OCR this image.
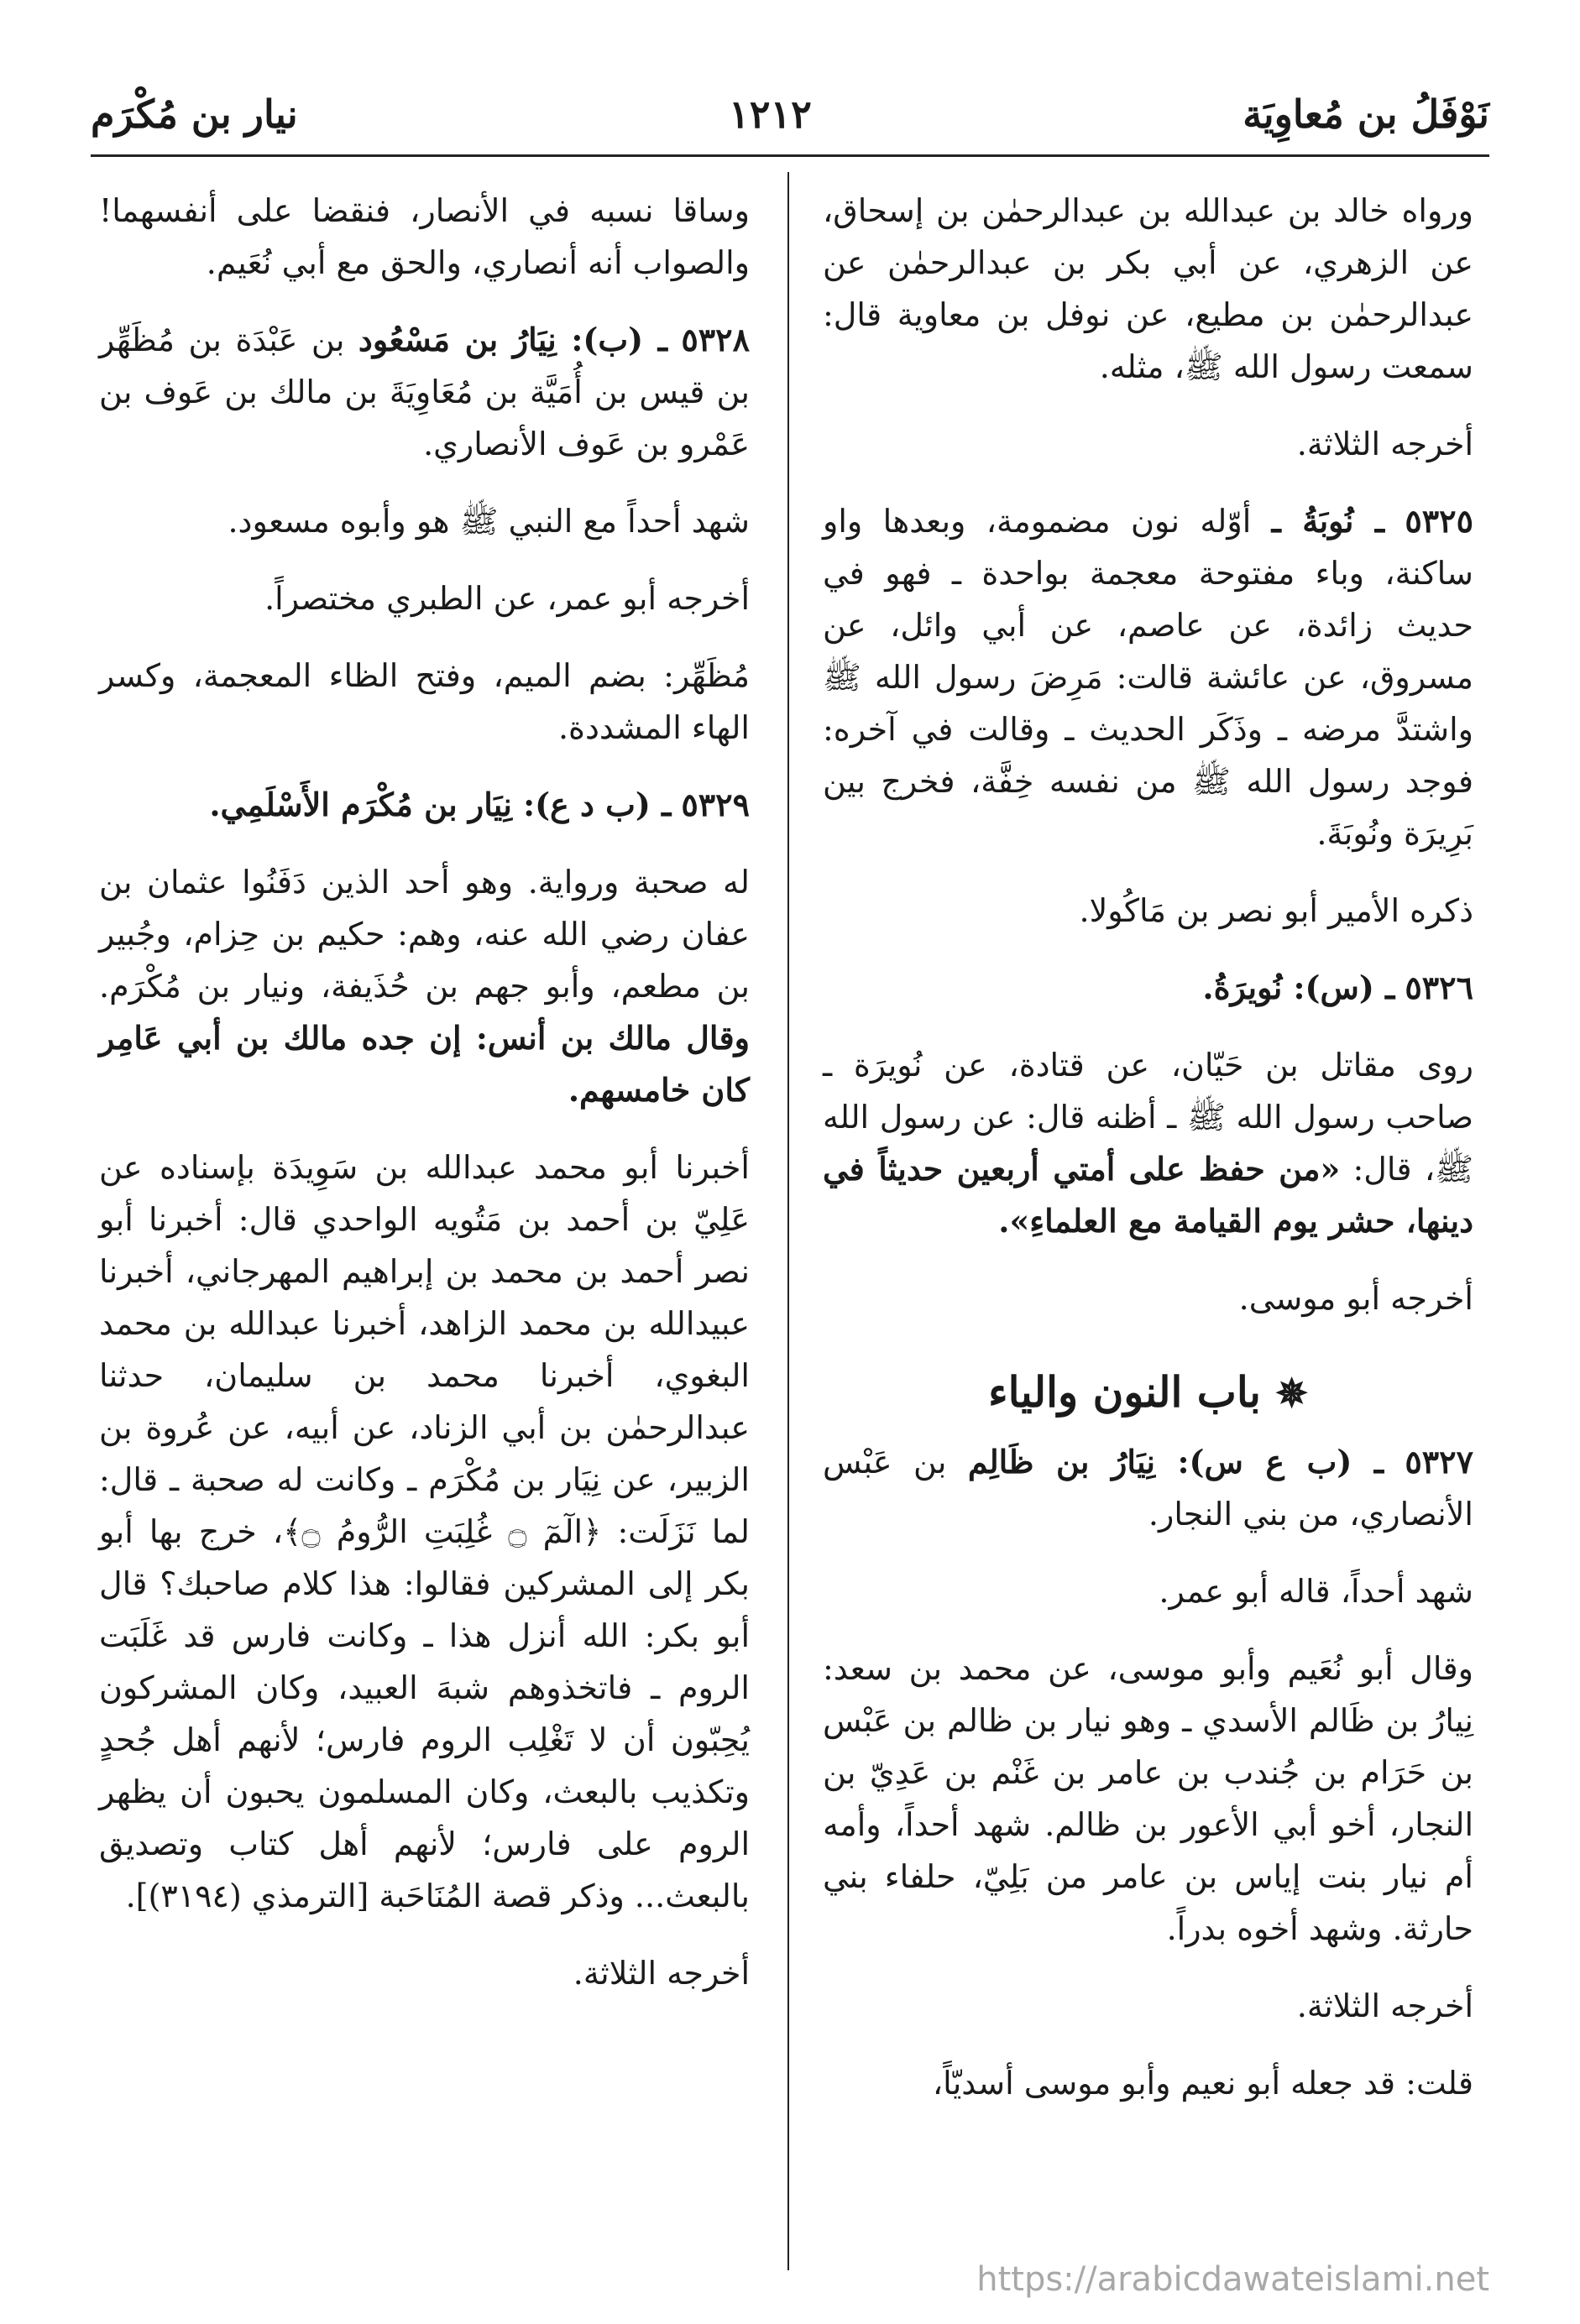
نَوْفَلُ بن مُعاوِيَة
١٢١٢
نيار بن مُكْرَم

ورواه خالد بن عبدالله بن عبدالرحمٰن بن إسحاق، عن الزهري، عن أبي بكر بن عبدالرحمٰن عن عبدالرحمٰن بن مطيع، عن نوفل بن معاوية قال: سمعت رسول الله ﷺ، مثله.

أخرجه الثلاثة.

٥٣٢٥ ـ نُوبَةُ ـ أوّله نون مضمومة، وبعدها واو ساكنة، وباء مفتوحة معجمة بواحدة ـ فهو في حديث زائدة، عن عاصم، عن أبي وائل، عن مسروق، عن عائشة قالت: مَرِضَ رسول الله ﷺ واشتدَّ مرضه ـ وذَكَر الحديث ـ وقالت في آخره: فوجد رسول الله ﷺ من نفسه خِفَّة، فخرج بين بَرِيرَة ونُوبَةَ.

ذكره الأمير أبو نصر بن مَاكُولا.

٥٣٢٦ ـ (س): نُويرَةُ.

روى مقاتل بن حَيّان، عن قتادة، عن نُويرَة ـ صاحب رسول الله ﷺ ـ أظنه قال: عن رسول الله ﷺ، قال: «من حفظ على أمتي أربعين حديثاً في دينها، حشر يوم القيامة مع العلماءِ».

أخرجه أبو موسى.

✵ باب النون والياء

٥٣٢٧ ـ (ب ع س): نِيَارُ بن ظَالِم بن عَبْس الأنصاري، من بني النجار.

شهد أحداً، قاله أبو عمر.

وقال أبو نُعَيم وأبو موسى، عن محمد بن سعد: نِيارُ بن ظَالم الأسدي ـ وهو نيار بن ظالم بن عَبْس بن حَرَام بن جُندب بن عامر بن غَنْم بن عَدِيّ بن النجار، أخو أبي الأعور بن ظالم. شهد أحداً، وأمه أم نيار بنت إياس بن عامر من بَلِيّ، حلفاء بني حارثة. وشهد أخوه بدراً.

أخرجه الثلاثة.

قلت: قد جعله أبو نعيم وأبو موسى أسديّاً،

وساقا نسبه في الأنصار، فنقضا على أنفسهما! والصواب أنه أنصاري، والحق مع أبي نُعَيم.

٥٣٢٨ ـ (ب): نِيَارُ بن مَسْعُود بن عَبْدَة بن مُظَهِّر بن قيس بن أُمَيَّة بن مُعَاوِيَةَ بن مالك بن عَوف بن عَمْرو بن عَوف الأنصاري.

شهد أحداً مع النبي ﷺ هو وأبوه مسعود.

أخرجه أبو عمر، عن الطبري مختصراً.

مُظَهِّر: بضم الميم، وفتح الظاء المعجمة، وكسر الهاء المشددة.

٥٣٢٩ ـ (ب د ع): نِيَار بن مُكْرَم الأَسْلَمِي.

له صحبة ورواية. وهو أحد الذين دَفَنُوا عثمان بن عفان رضي الله عنه، وهم: حكيم بن حِزام، وجُبير بن مطعم، وأبو جهم بن حُذَيفة، ونيار بن مُكْرَم. وقال مالك بن أنس: إن جده مالك بن أبي عَامِر كان خامسهم.

أخبرنا أبو محمد عبدالله بن سَوِيدَة بإسناده عن عَلِيّ بن أحمد بن مَتُويه الواحدي قال: أخبرنا أبو نصر أحمد بن محمد بن إبراهيم المهرجاني، أخبرنا عبيدالله بن محمد الزاهد، أخبرنا عبدالله بن محمد البغوي، أخبرنا محمد بن سليمان، حدثنا عبدالرحمٰن بن أبي الزناد، عن أبيه، عن عُروة بن الزبير، عن نِيَار بن مُكْرَم ـ وكانت له صحبة ـ قال: لما نَزَلَت: ﴿الٓمٓ ۝ غُلِبَتِ الرُّومُ ۝﴾، خرج بها أبو بكر إلى المشركين فقالوا: هذا كلام صاحبك؟ قال أبو بكر: الله أنزل هذا ـ وكانت فارس قد غَلَبَت الروم ـ فاتخذوهم شبهَ العبيد، وكان المشركون يُحِبّون أن لا تَغْلِب الروم فارس؛ لأنهم أهل جُحدٍ وتكذيب بالبعث، وكان المسلمون يحبون أن يظهر الروم على فارس؛ لأنهم أهل كتاب وتصديق بالبعث... وذكر قصة المُنَاحَبة [الترمذي (٣١٩٤)].

أخرجه الثلاثة.

https://arabicdawateislami.net
